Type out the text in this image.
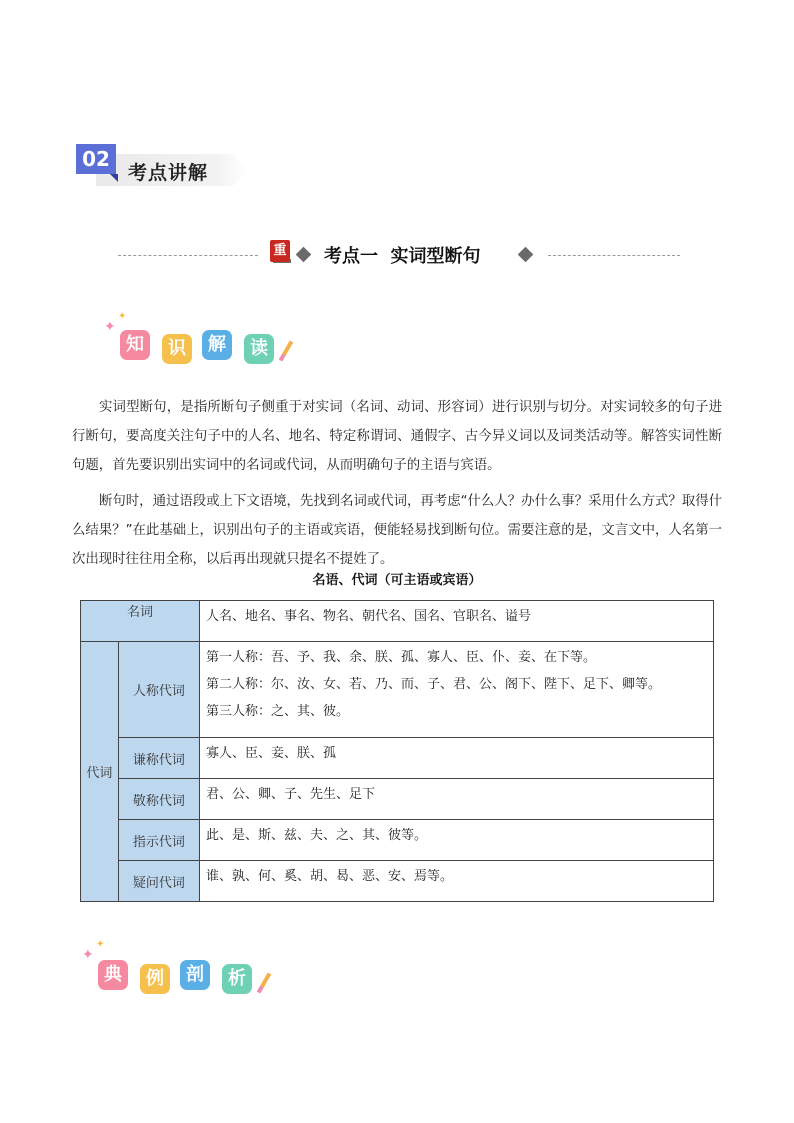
02
考点讲解
重 考点一  实词型断句
✦
✦
知	识	解	读

实词型断句，是指所断句子侧重于对实词（名词、动词、形容词）进行识别与切分。对实词较多的句子进行断句，要高度关注句子中的人名、地名、特定称谓词、通假字、古今异义词以及词类活动等。解答实词性断句题，首先要识别出实词中的名词或代词，从而明确句子的主语与宾语。

断句时，通过语段或上下文语境，先找到名词或代词，再考虑“什么人？办什么事？采用什么方式？取得什么结果？”在此基础上，识别出句子的主语或宾语，便能轻易找到断句位。需要注意的是，文言文中，人名第一次出现时往往用全称，以后再出现就只提名不提姓了。

名语、代词（可主语或宾语）
名词		人名、地名、事名、物名、朝代名、国名、官职名、谥号
代词	人称代词	第一人称：吾、予、我、余、朕、孤、寡人、臣、仆、妾、在下等。
第二人称：尔、汝、女、若、乃、而、子、君、公、阁下、陛下、足下、卿等。
第三人称：之、其、彼。

	谦称代词	寡人、臣、妾、朕、孤
	敬称代词	君、公、卿、子、先生、足下
	指示代词	此、是、斯、兹、夫、之、其、彼等。
	疑问代词	谁、孰、何、奚、胡、曷、恶、安、焉等。
✦
✦
典	例	剖	析
